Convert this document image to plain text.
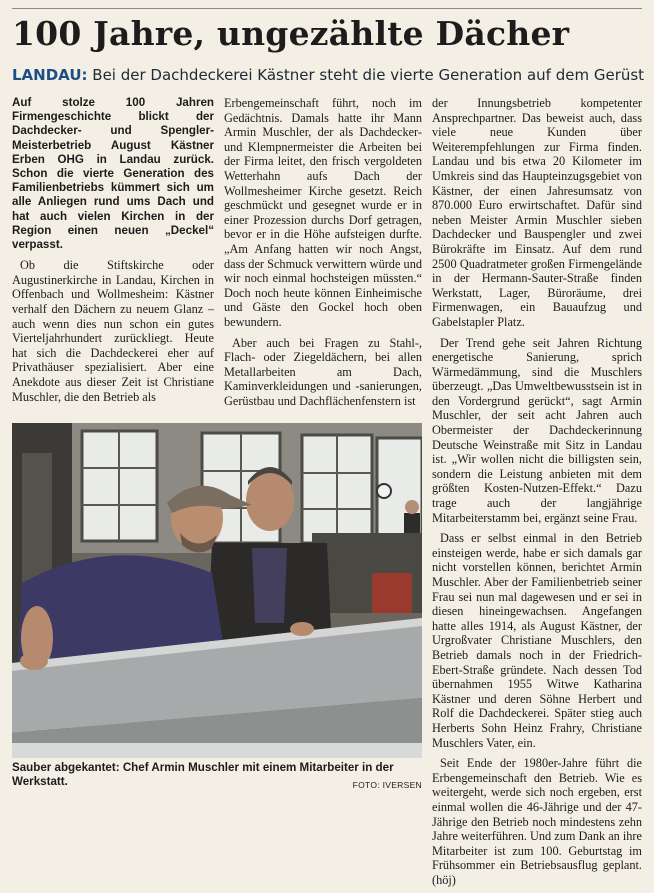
100 Jahre, ungezählte Dächer
LANDAU: Bei der Dachdeckerei Kästner steht die vierte Generation auf dem Gerüst

Auf stolze 100 Jahren Firmengeschichte blickt der Dachdecker- und Spengler-Meisterbetrieb August Kästner Erben OHG in Landau zurück. Schon die vierte Generation des Familienbetriebs kümmert sich um alle Anliegen rund ums Dach und hat auch vielen Kirchen in der Region einen neuen „Deckel“ verpasst.

Ob die Stiftskirche oder Augustinerkirche in Landau, Kirchen in Offenbach und Wollmesheim: Kästner verhalf den Dächern zu neuem Glanz – auch wenn dies nun schon ein gutes Vierteljahrhundert zurückliegt. Heute hat sich die Dachdeckerei eher auf Privathäuser spezialisiert. Aber eine Anekdote aus dieser Zeit ist Christiane Muschler, die den Betrieb als

Erbengemeinschaft führt, noch im Gedächtnis. Damals hatte ihr Mann Armin Muschler, der als Dachdecker- und Klempnermeister die Arbeiten bei der Firma leitet, den frisch vergoldeten Wetterhahn aufs Dach der Wollmesheimer Kirche gesetzt. Reich geschmückt und gesegnet wurde er in einer Prozession durchs Dorf getragen, bevor er in die Höhe aufsteigen durfte. „Am Anfang hatten wir noch Angst, dass der Schmuck verwittern würde und wir noch einmal hochsteigen müssten.“ Doch noch heute können Einheimische und Gäste den Gockel hoch oben bewundern.

Aber auch bei Fragen zu Stahl-, Flach- oder Ziegeldächern, bei allen Metallarbeiten am Dach, Kaminverkleidungen und -sanierungen, Gerüstbau und Dachflächenfenstern ist

der Innungsbetrieb kompetenter Ansprechpartner. Das beweist auch, dass viele neue Kunden über Weiterempfehlungen zur Firma finden. Landau und bis etwa 20 Kilometer im Umkreis sind das Haupteinzugsgebiet von Kästner, der einen Jahresumsatz von 870.000 Euro erwirtschaftet. Dafür sind neben Meister Armin Muschler sieben Dachdecker und Bauspengler und zwei Bürokräfte im Einsatz. Auf dem rund 2500 Quadratmeter großen Firmengelände in der Hermann-Sauter-Straße finden Werkstatt, Lager, Büroräume, drei Firmenwagen, ein Bauaufzug und Gabelstapler Platz.

Der Trend gehe seit Jahren Richtung energetische Sanierung, sprich Wärmedämmung, sind die Muschlers überzeugt. „Das Umweltbewusstsein ist in den Vordergrund gerückt“, sagt Armin Muschler, der seit acht Jahren auch Obermeister der Dachdeckerinnung Deutsche Weinstraße mit Sitz in Landau ist. „Wir wollen nicht die billigsten sein, sondern die Leistung anbieten mit dem größten Kosten-Nutzen-Effekt.“ Dazu trage auch der langjährige Mitarbeiterstamm bei, ergänzt seine Frau.

Dass er selbst einmal in den Betrieb einsteigen werde, habe er sich damals gar nicht vorstellen können, berichtet Armin Muschler. Aber der Familienbetrieb seiner Frau sei nun mal dagewesen und er sei in diesen hineingewachsen. Angefangen hatte alles 1914, als August Kästner, der Urgroßvater Christiane Muschlers, den Betrieb damals noch in der Friedrich-Ebert-Straße gründete. Nach dessen Tod übernahmen 1955 Witwe Katharina Kästner und deren Söhne Herbert und Rolf die Dachdeckerei. Später stieg auch Herberts Sohn Heinz Frahry, Christiane Muschlers Vater, ein.

Seit Ende der 1980er-Jahre führt die Erbengemeinschaft den Betrieb. Wie es weitergeht, werde sich noch ergeben, erst einmal wollen die 46-Jährige und der 47-Jährige den Betrieb noch mindestens zehn Jahre weiterführen. Und zum Dank an ihre Mitarbeiter ist zum 100. Geburtstag im Frühsommer ein Betriebsausflug geplant. (höj)

Sauber abgekantet: Chef Armin Muschler mit einem Mitarbeiter in der Werkstatt.	FOTO: IVERSEN
